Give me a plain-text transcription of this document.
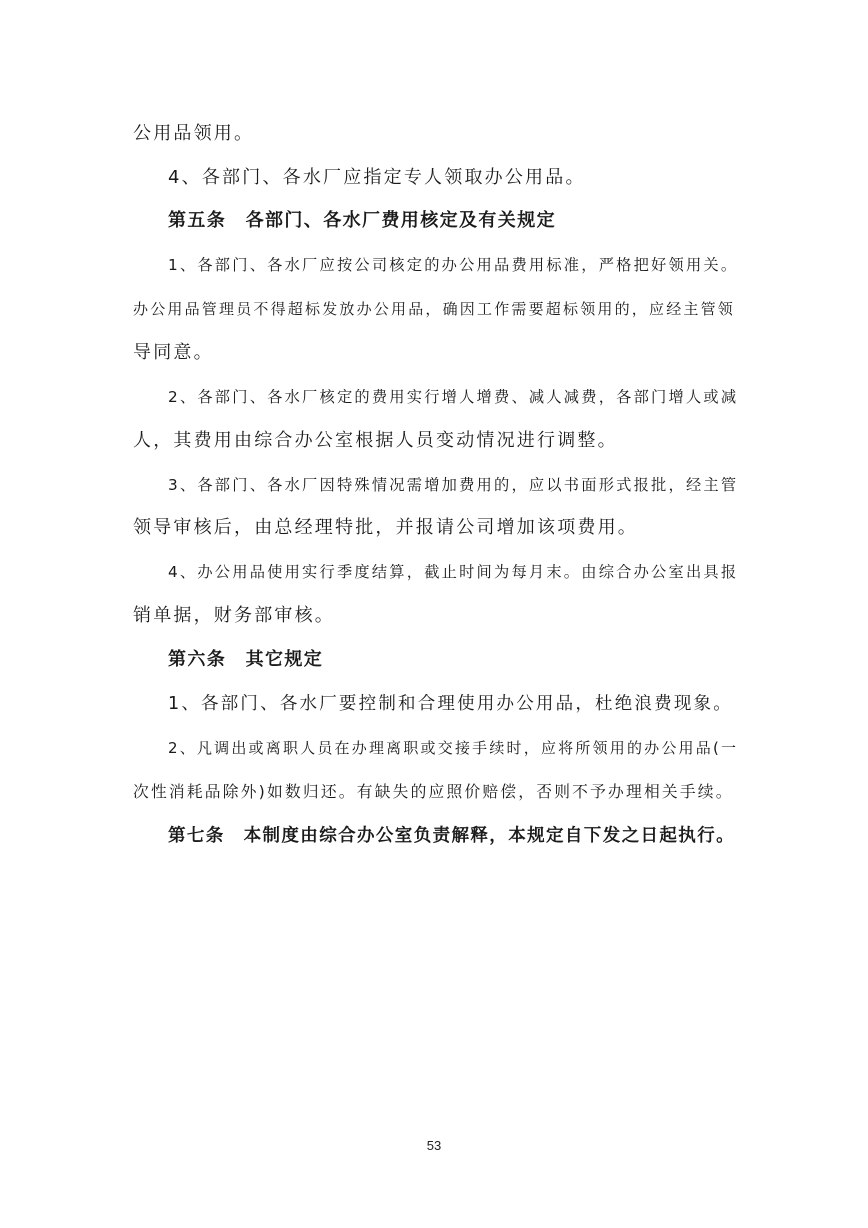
公用品领用。
4、各部门、各水厂应指定专人领取办公用品。
第五条　各部门、各水厂费用核定及有关规定
1、各部门、各水厂应按公司核定的办公用品费用标准，严格把好领用关。
办公用品管理员不得超标发放办公用品，确因工作需要超标领用的，应经主管领
导同意。
2、各部门、各水厂核定的费用实行增人增费、减人减费，各部门增人或减
人，其费用由综合办公室根据人员变动情况进行调整。
3、各部门、各水厂因特殊情况需增加费用的，应以书面形式报批，经主管
领导审核后，由总经理特批，并报请公司增加该项费用。
4、办公用品使用实行季度结算，截止时间为每月末。由综合办公室出具报
销单据，财务部审核。
第六条　其它规定
1、各部门、各水厂要控制和合理使用办公用品，杜绝浪费现象。
2、凡调出或离职人员在办理离职或交接手续时，应将所领用的办公用品(一
次性消耗品除外)如数归还。有缺失的应照价赔偿，否则不予办理相关手续。
第七条　本制度由综合办公室负责解释，本规定自下发之日起执行。
53
